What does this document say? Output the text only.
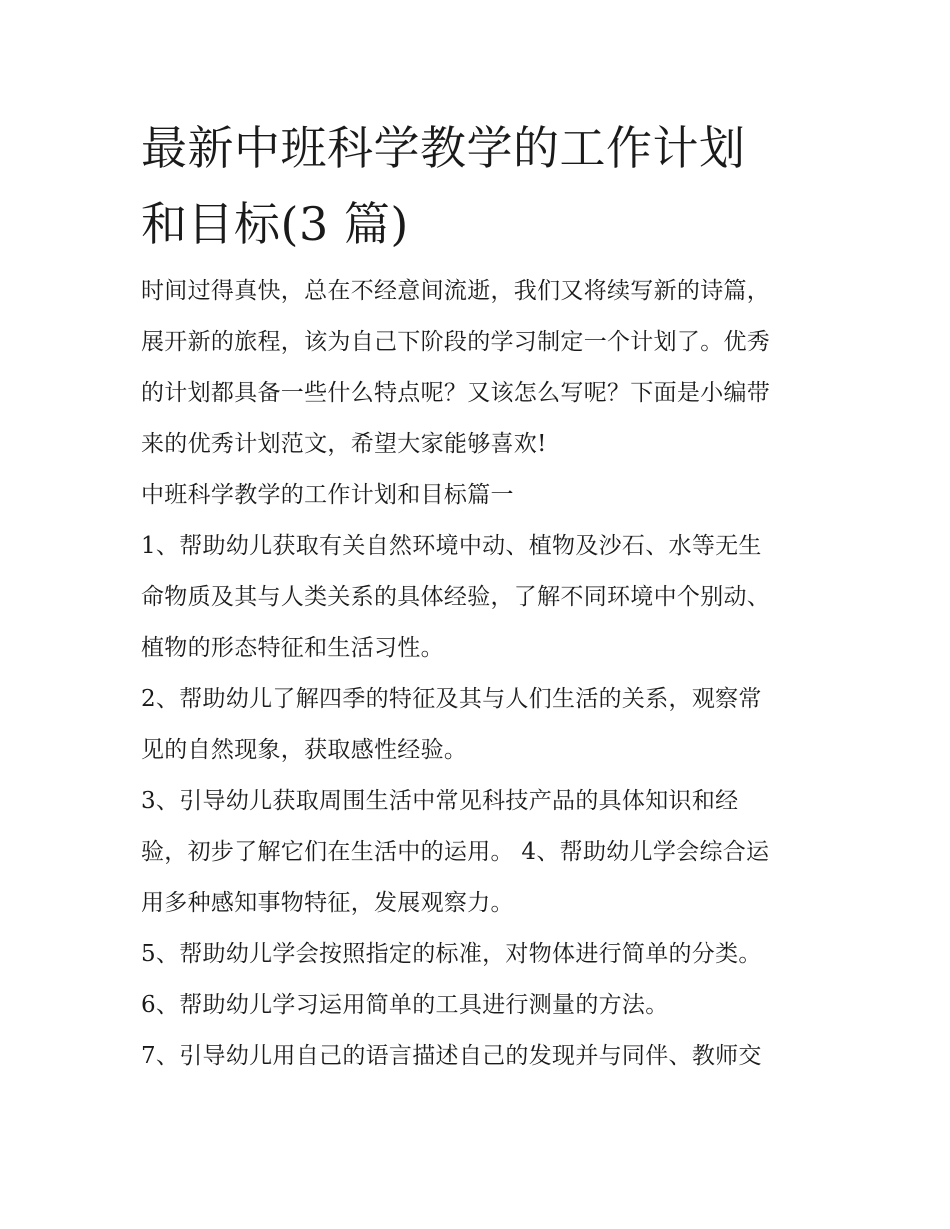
最新中班科学教学的工作计划
和目标(3 篇)

时间过得真快，总在不经意间流逝，我们又将续写新的诗篇，
展开新的旅程，该为自己下阶段的学习制定一个计划了。优秀
的计划都具备一些什么特点呢？又该怎么写呢？下面是小编带
来的优秀计划范文，希望大家能够喜欢!

中班科学教学的工作计划和目标篇一

1、帮助幼儿获取有关自然环境中动、植物及沙石、水等无生
命物质及其与人类关系的具体经验，了解不同环境中个别动、
植物的形态特征和生活习性。

2、帮助幼儿了解四季的特征及其与人们生活的关系，观察常
见的自然现象，获取感性经验。

3、引导幼儿获取周围生活中常见科技产品的具体知识和经
验，初步了解它们在生活中的运用。 4、帮助幼儿学会综合运
用多种感知事物特征，发展观察力。

5、帮助幼儿学会按照指定的标准，对物体进行简单的分类。

6、帮助幼儿学习运用简单的工具进行测量的方法。

7、引导幼儿用自己的语言描述自己的发现并与同伴、教师交
